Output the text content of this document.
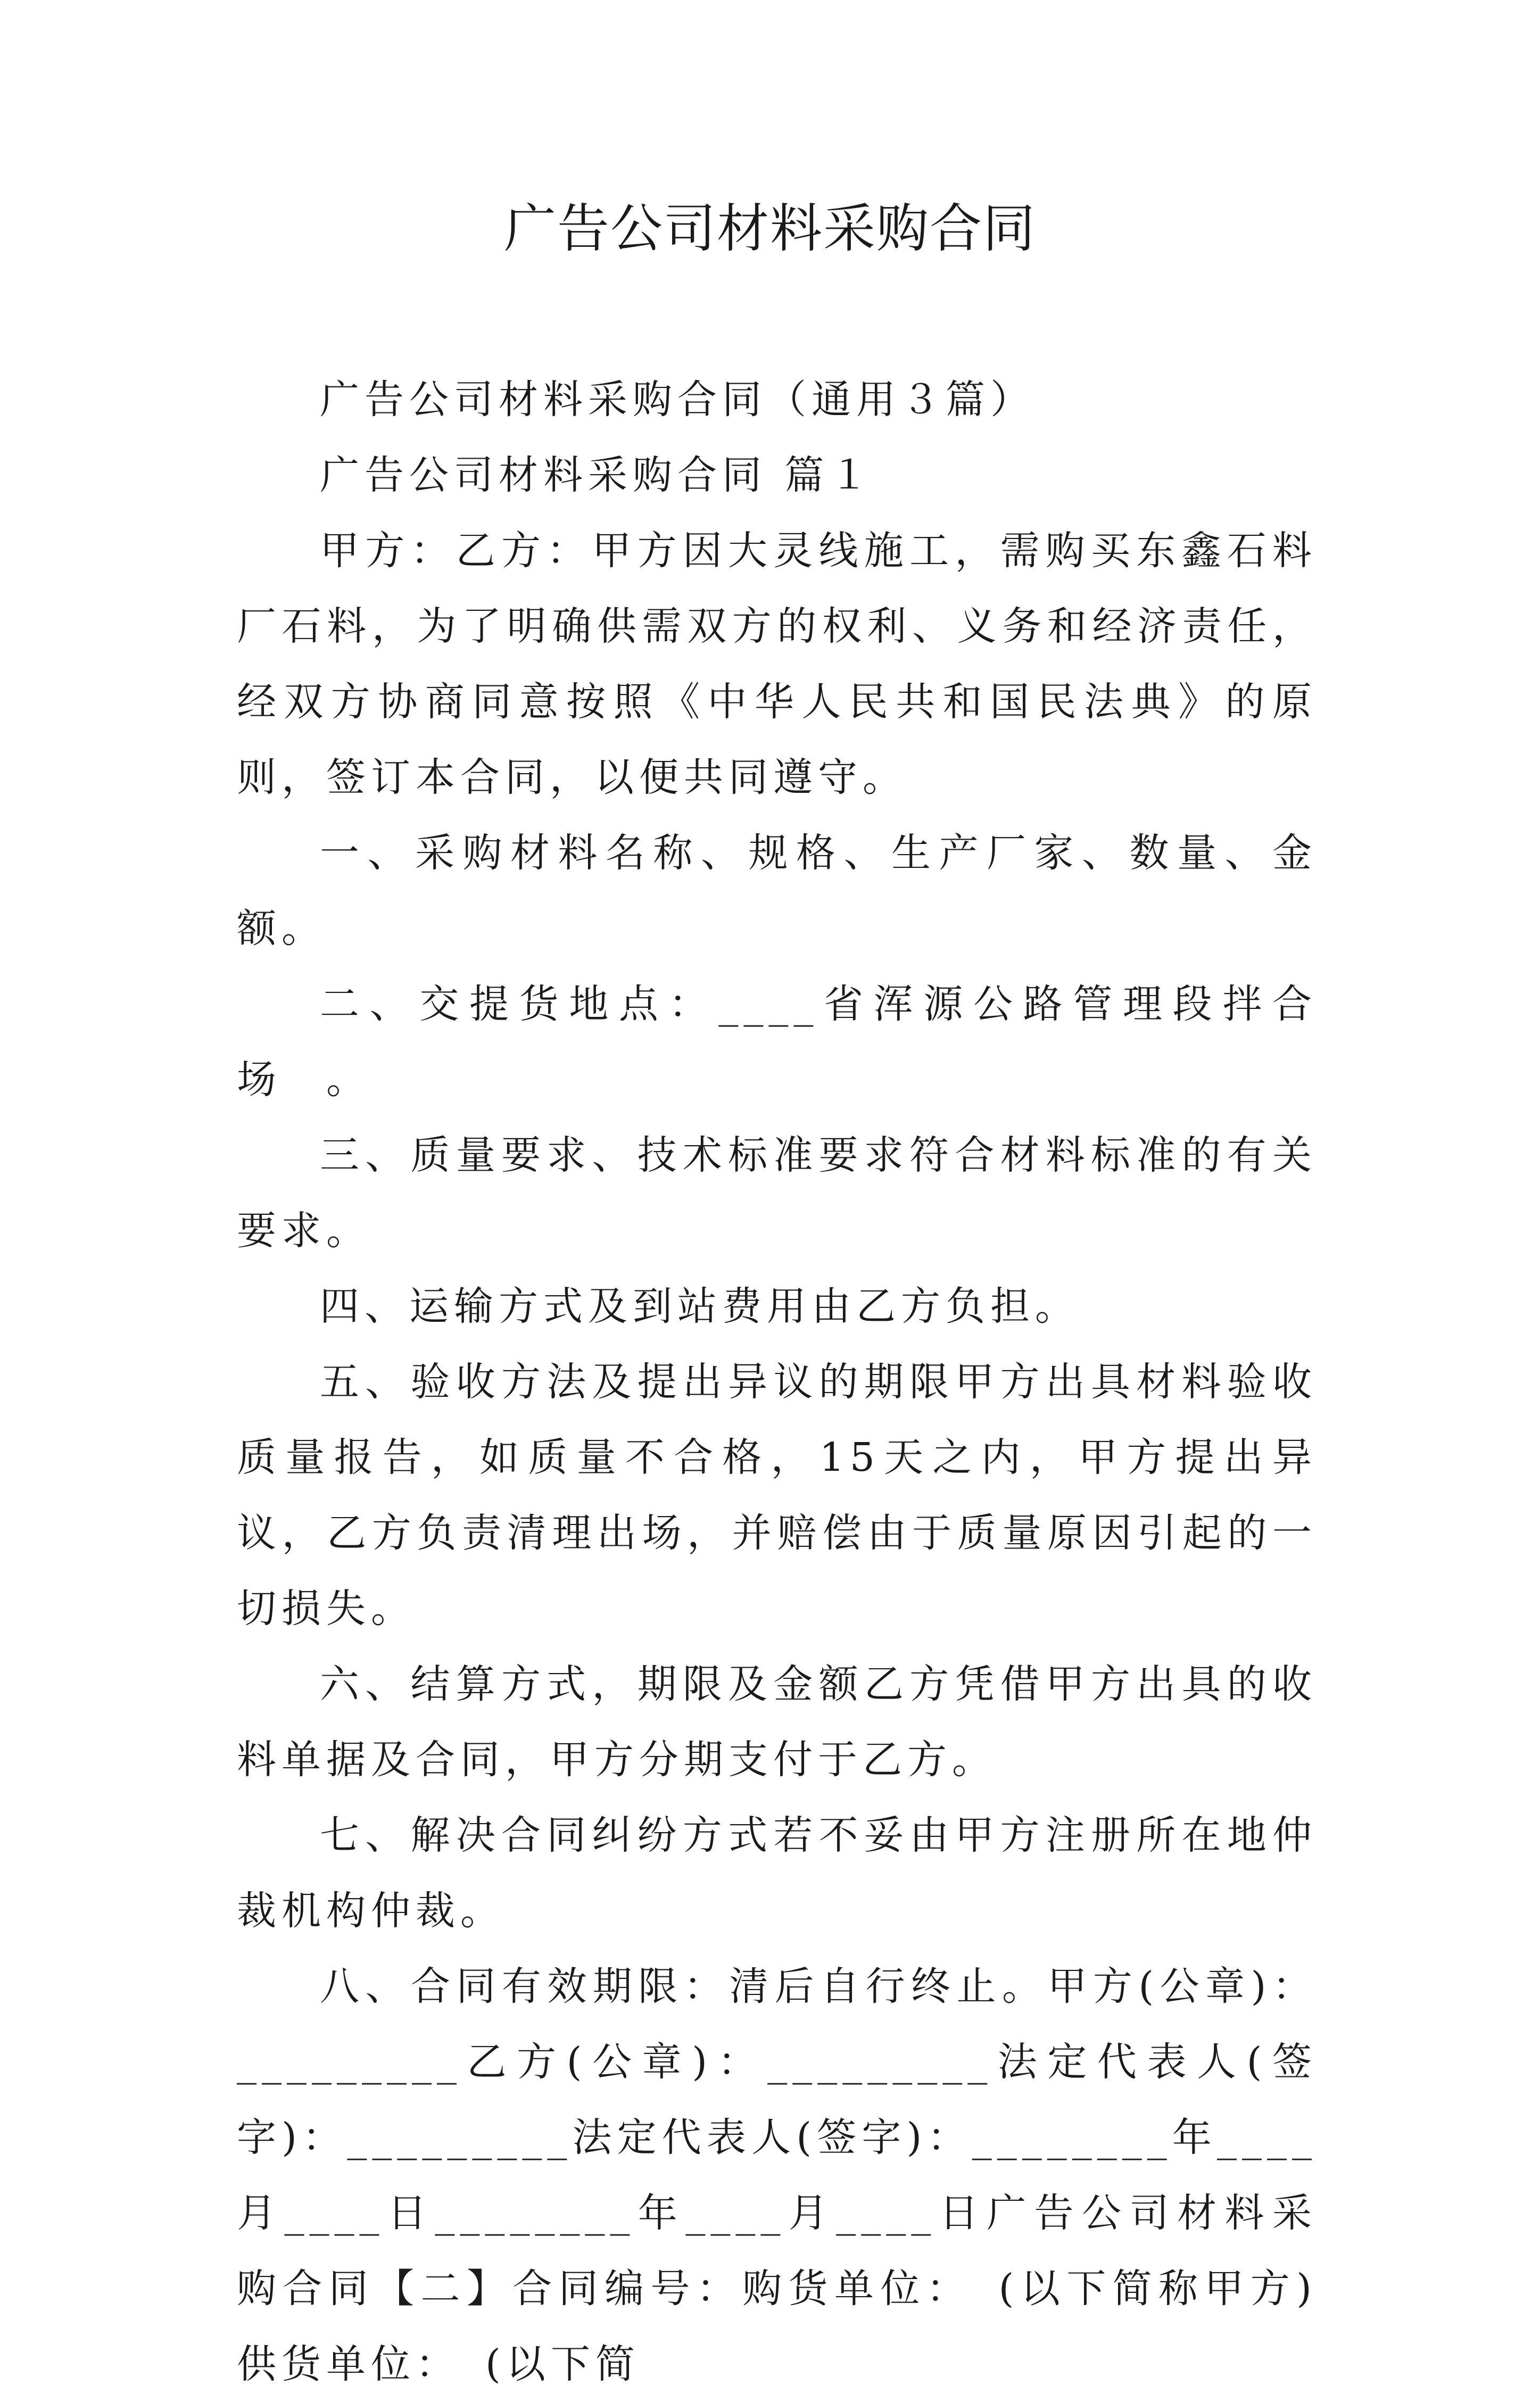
广告公司材料采购合同

广告公司材料采购合同（通用３篇）

广告公司材料采购合同 篇１

甲方：乙方：甲方因大灵线施工，需购买东鑫石料厂石料，为了明确供需双方的权利、义务和经济责任，经双方协商同意按照《中华人民共和国民法典》的原则，签订本合同，以便共同遵守。

一、采购材料名称、规格、生产厂家、数量、金额。

二、交提货地点：____省浑源公路管理段拌合场　。

三、质量要求、技术标准要求符合材料标准的有关要求。

四、运输方式及到站费用由乙方负担。

五、验收方法及提出异议的期限甲方出具材料验收质量报告，如质量不合格，15天之内，甲方提出异议，乙方负责清理出场，并赔偿由于质量原因引起的一切损失。

六、结算方式，期限及金额乙方凭借甲方出具的收料单据及合同，甲方分期支付于乙方。

七、解决合同纠纷方式若不妥由甲方注册所在地仲裁机构仲裁。

八、合同有效期限：清后自行终止。甲方(公章)：_________乙方(公章)：_________法定代表人(签字)：_________法定代表人(签字)：________年____月____日________年____月____日广告公司材料采购合同【二】合同编号：购货单位：　(以下简称甲方)供货单位：　(以下简
